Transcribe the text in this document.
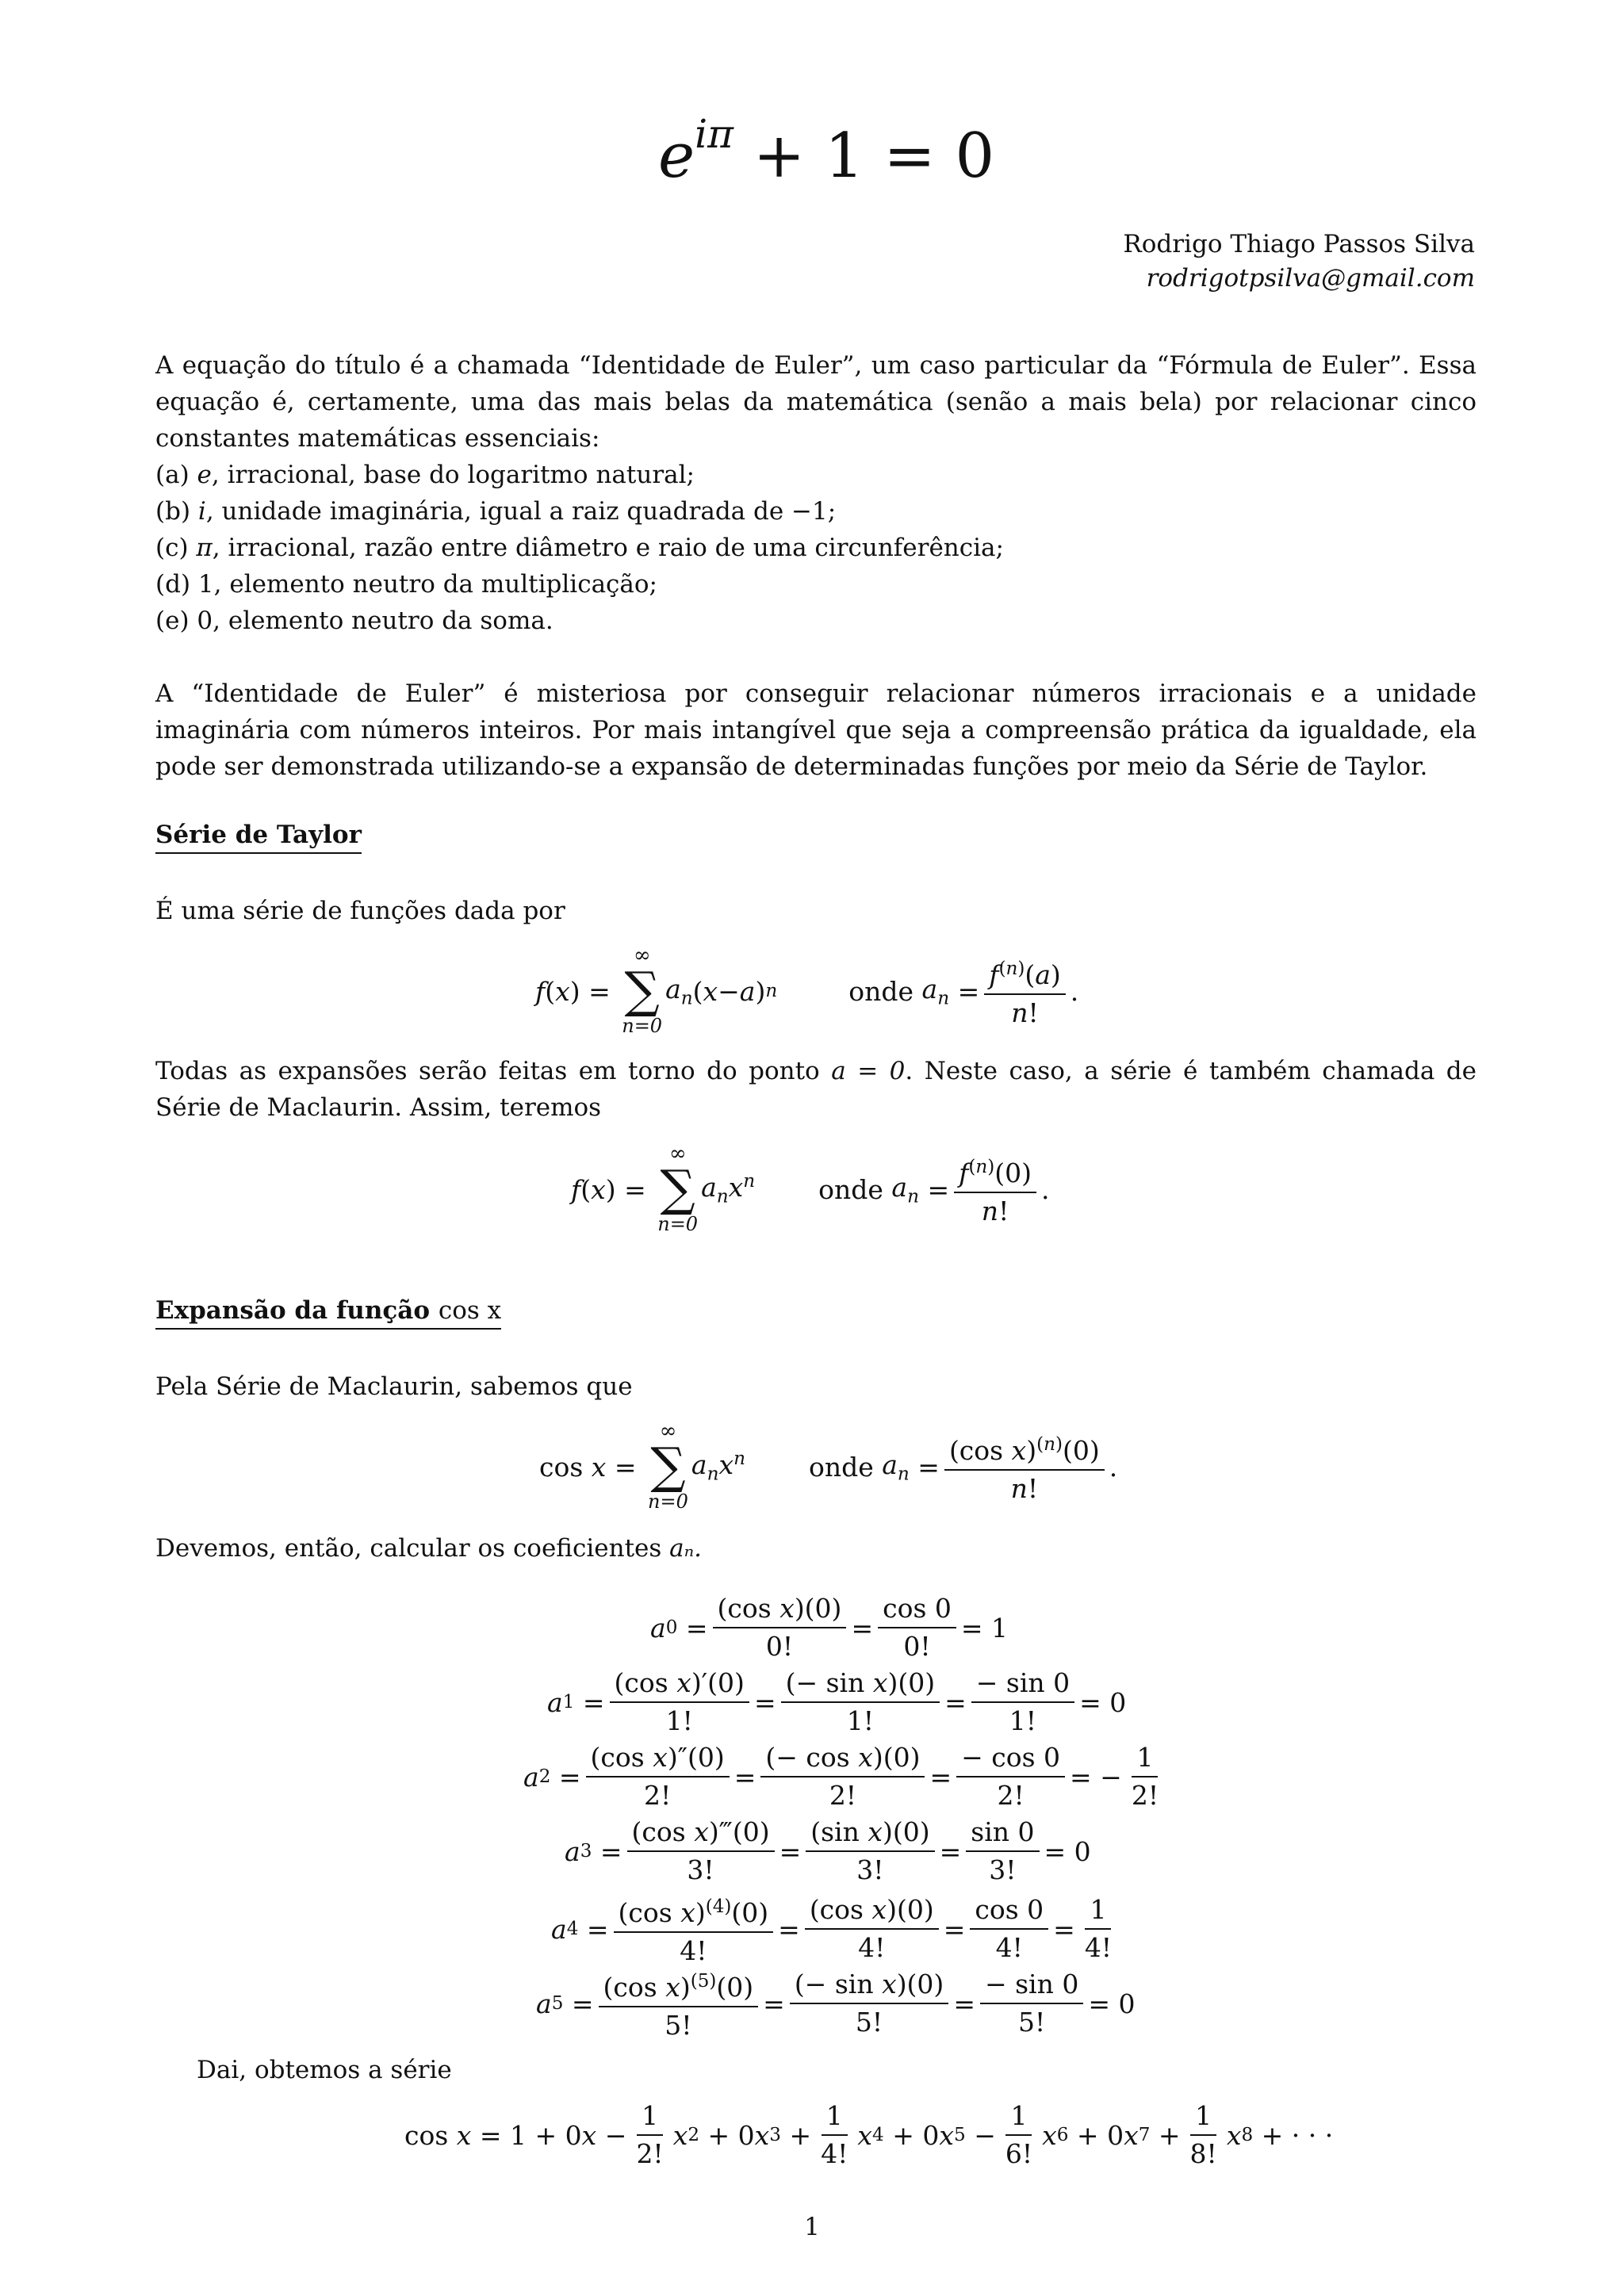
$e^{i\pi} + 1 = 0$
Rodrigo Thiago Passos Silva
rodrigotpsilva@gmail.com
A equação do título é a chamada “Identidade de Euler”, um caso particular da “Fórmula de Euler”. Essa equação é, certamente, uma das mais belas da matemática (senão a mais bela) por relacionar cinco constantes matemáticas essenciais:
(a) e, irracional, base do logaritmo natural;
(b) i, unidade imaginária, igual a raiz quadrada de −1;
(c) π, irracional, razão entre diâmetro e raio de uma circunferência;
(d) 1, elemento neutro da multiplicação;
(e) 0, elemento neutro da soma.
A “Identidade de Euler” é misteriosa por conseguir relacionar números irracionais e a unidade imaginária com números inteiros. Por mais intangível que seja a compreensão prática da igualdade, ela pode ser demonstrada utilizando-se a expansão de determinadas funções por meio da Série de Taylor.
Série de Taylor
É uma série de funções dada por
f ( x ) =
∞
∑
n=0
$a_n$ ( x − a ) n	onde
$a_n = \frac{f^{(n)}(a)}{n!}$ .
Todas as expansões serão feitas em torno do ponto a = 0. Neste caso, a série é também chamada de Série de Maclaurin. Assim, teremos
f ( x ) =
∞
∑
n=0
$a_nx^n$ onde
$a_n = \frac{f^{(n)}(0)}{n!}$ .
Expansão da função cos x
Pela Série de Maclaurin, sabemos que
cos x =
∞
∑
n=0
$a_nx^n$ onde
$a_n = \frac{(\cos x)^{(n)}(0)}{n!}$ .
Devemos, então, calcular os coeficientes aₙ.
a $0 = \frac{\text{(cos x)(0)}}{0!} = \frac{\cos 0}{0!} = 1$
a $1 = \frac{\text{(cos x)′(0)}}{1!} = \frac{\text{(− sin x)(0)}}{1!} = \frac{- \sin 0}{1!} = 0$
a $2 = \frac{\text{(cos x)″(0)}}{2!} = \frac{\text{(− cos x)(0)}}{2!} = \frac{- \cos 0}{2!}$ = − $\frac{1}{2!}$
a $3 = \frac{\text{(cos x)‴(0)}}{3!} = \frac{\text{(sin x)(0)}}{3!} = \frac{\sin 0}{3!} = 0$
a $4 = \frac{(\cos x)^{(4)}(0)}{4!} = \frac{\text{(cos x)(0)}}{4!} = \frac{\cos 0}{4!} = \frac{1}{4!}$
a $5 = \frac{(\cos x)^{(5)}(0)}{5!} = \frac{\text{(− sin x)(0)}}{5!} = \frac{- \sin 0}{5!} = 0$
Dai, obtemos a série
cos x = 1 + 0 $x - \frac{1}{2!}$ x 2 + 0 x $3 + \frac{1}{4!}$ x 4 + 0 x $5 - \frac{1}{6!}$ x 6 + 0 x $7 + \frac{1}{8!}$ x 8 + · · ·
1
